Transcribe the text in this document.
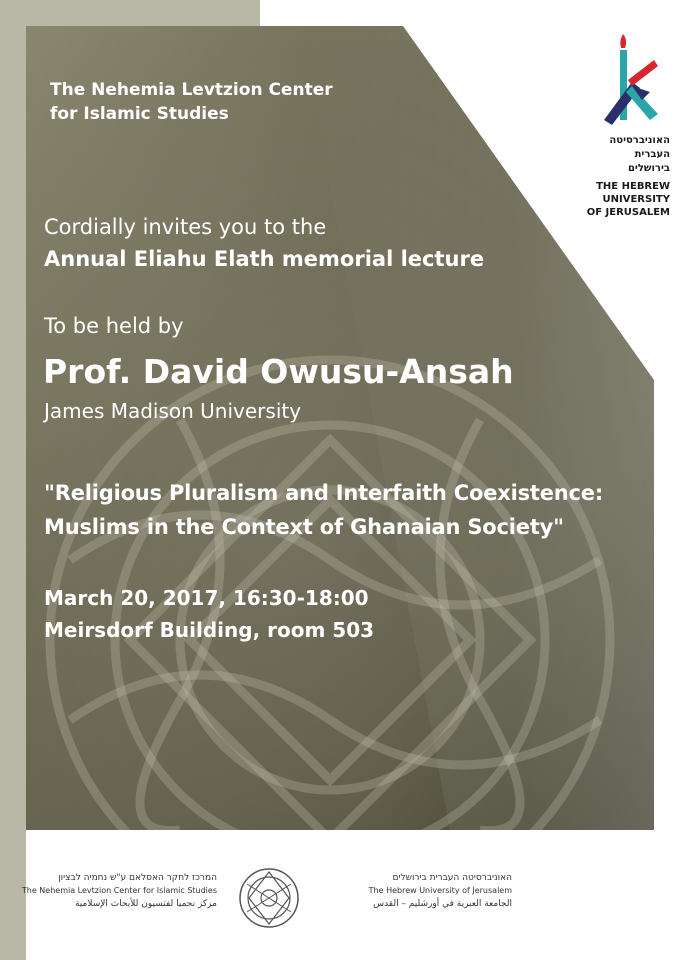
The Nehemia Levtzion Center
for Islamic Studies
Cordially invites you to the
Annual Eliahu Elath memorial lecture
To be held by
Prof. David Owusu-Ansah
James Madison University
"Religious Pluralism and Interfaith Coexistence:
Muslims in the Context of Ghanaian Society"
March 20, 2017, 16:30-18:00
Meirsdorf Building, room 503
האוניברסיטה
העברית
בירושלים
THE HEBREW
UNIVERSITY
OF JERUSALEM
המרכז לחקר האסלאם ע"ש נחמיה לבציון
The Nehemia Levtzion Center for Islamic Studies
مركز نحميا لفتسيون للأبحاث الإسلامية
האוניברסיטה העברית בירושלים
The Hebrew University of Jerusalem
الجامعة العبرية في أورشليم – القدس
